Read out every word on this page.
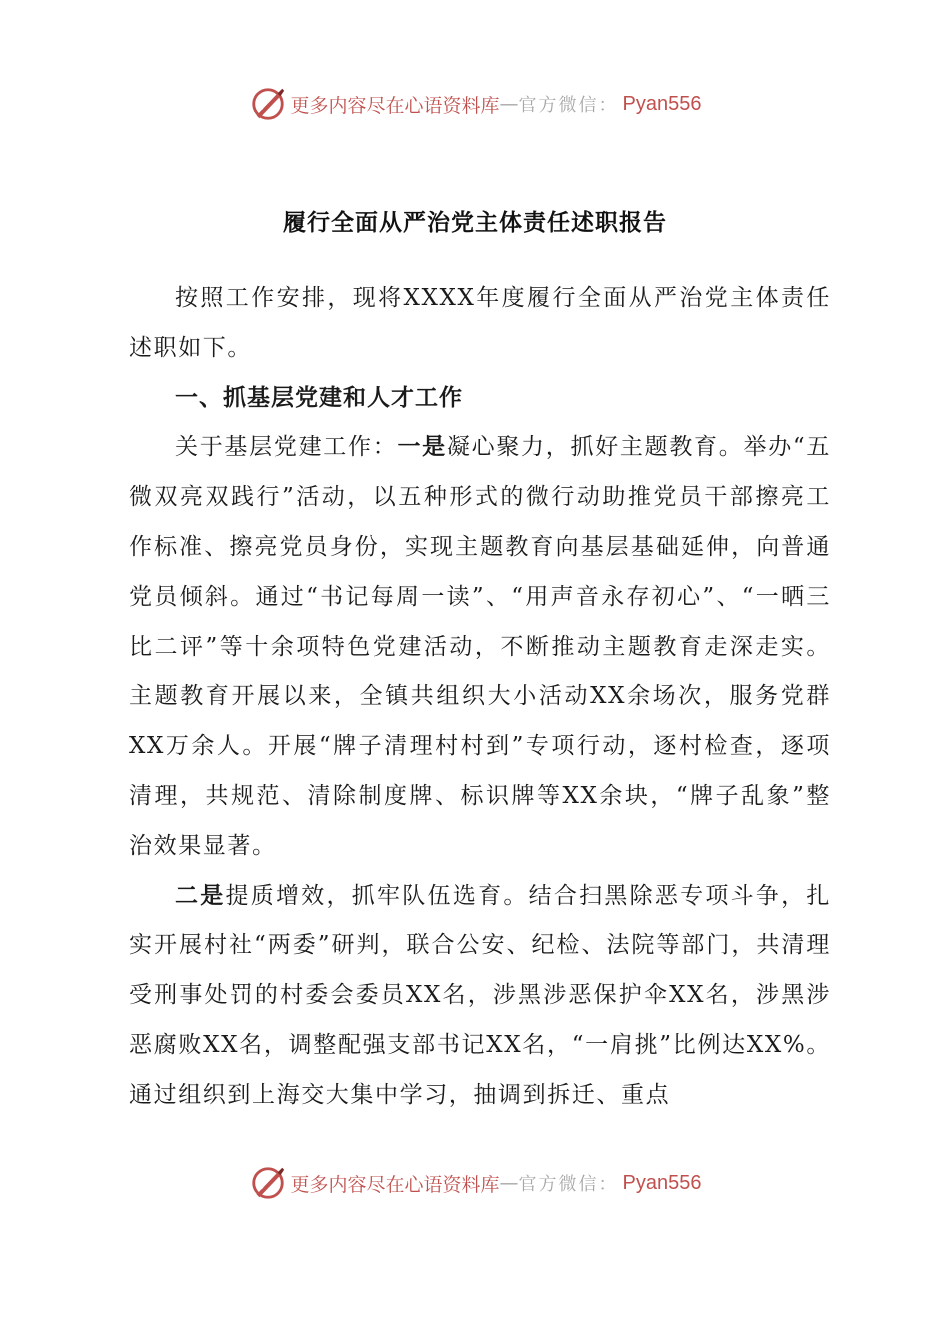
更多内容尽在心语资料库 — 官方微信： Pyan556
履行全面从严治党主体责任述职报告

按照工作安排，现将XXXX年度履行全面从严治党主体责任述职如下。

一、抓基层党建和人才工作

关于基层党建工作：一是凝心聚力，抓好主题教育。举办“五微双亮双践行”活动，以五种形式的微行动助推党员干部擦亮工作标准、擦亮党员身份，实现主题教育向基层基础延伸，向普通党员倾斜。通过“书记每周一读”、“用声音永存初心”、“一晒三比二评”等十余项特色党建活动，不断推动主题教育走深走实。主题教育开展以来，全镇共组织大小活动XX余场次，服务党群XX万余人。开展“牌子清理村村到”专项行动，逐村检查，逐项清理，共规范、清除制度牌、标识牌等XX余块，“牌子乱象”整治效果显著。

二是提质增效，抓牢队伍选育。结合扫黑除恶专项斗争，扎实开展村社“两委”研判，联合公安、纪检、法院等部门，共清理受刑事处罚的村委会委员XX名，涉黑涉恶保护伞XX名，涉黑涉恶腐败XX名，调整配强支部书记XX名，“一肩挑”比例达XX%。通过组织到上海交大集中学习，抽调到拆迁、重点

更多内容尽在心语资料库 — 官方微信： Pyan556
